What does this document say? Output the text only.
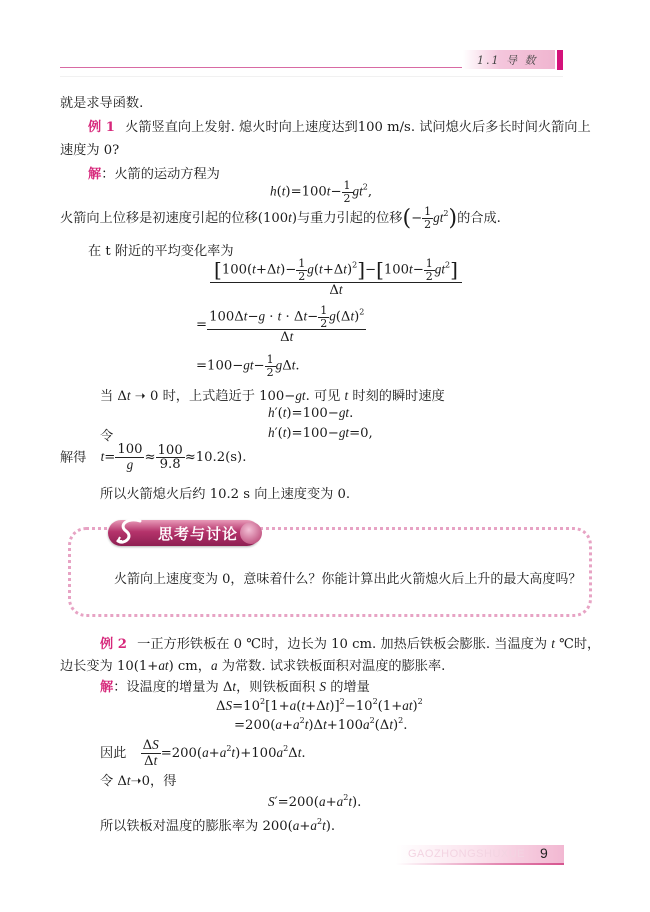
1.1 导 数
就是求导函数.
例 1 火箭竖直向上发射. 熄火时向上速度达到100 m/s. 试问熄火后多长时间火箭向上
速度为 0?
解：火箭的运动方程为
$h(t)=100t- \frac{1}{2} gt^2$,
火箭向上位移是初速度引起的位移(100t)与重力引起的位移(− $\frac{1}{2} gt^2$)的合成.
在 t 附近的平均变化率为
$\frac{[100(t+\Delta t)- \frac{1}{2} g(t+\Delta t)^2]-[100t- \frac{1}{2} gt^2]}{\Delta t}$
= $\frac{100\Delta t-g \cdot t \cdot \Delta t- \frac{1}{2} g(\Delta t)^2}{\Delta t}$
$=100-gt- \frac{1}{2} g\Delta t$.
当 Δt ➝ 0 时，上式趋近于 100−gt. 可见 t 时刻的瞬时速度
h′(t)=100−gt.
令	h′(t)=100−gt=0,
解得 $t= \frac{100}{g} \approx \frac{100}{9.8} \approx 10.2(s)$.
所以火箭熄火后约 10.2 s 向上速度变为 0.
思考与讨论
火箭向上速度变为 0，意味着什么？你能计算出此火箭熄火后上升的最大高度吗？
例 2 一正方形铁板在 0 ℃时，边长为 10 cm. 加热后铁板会膨胀. 当温度为 t ℃时，
边长变为 10(1+at) cm，a 为常数. 试求铁板面积对温度的膨胀率.
解：设温度的增量为 Δt，则铁板面积 S 的增量
$\Delta S=10^2[1+a(t+\Delta t)]^2-10^2(1+at)^2$
$=200(a+a^2t)\Delta t+100a^2(\Delta t)^2$.
因此 $\frac{\Delta S}{\Delta t} =200(a+a^2t)+100a^2\Delta t$.
令 Δt➝0，得
$S'=200(a+a^2t)$.
所以铁板对温度的膨胀率为 $200(a+a^2t)$.
GAOZHONGSHUXUE 9
